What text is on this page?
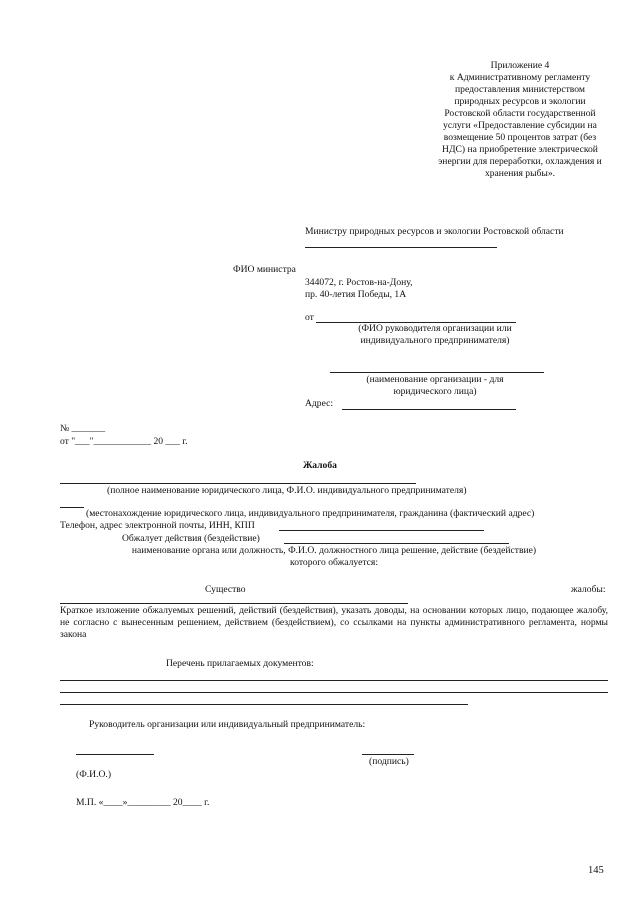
Приложение 4
к Административному регламенту
предоставления министерством
природных ресурсов и экологии
Ростовской области государственной
услуги «Предоставление субсидии на
возмещение 50 процентов затрат (без
НДС) на приобретение электрической
энергии для переработки, охлаждения и
хранения рыбы».
Министру природных ресурсов и экологии Ростовской области
ФИО министра
344072, г. Ростов-на-Дону,
пр. 40-летия Победы, 1А
от
(ФИО руководителя организации или
индивидуального предпринимателя)
(наименование организации - для
юридического лица)
Адрес:
№ _______
от "___"____________ 20 ___ г.
Жалоба
(полное наименование юридического лица, Ф.И.О. индивидуального предпринимателя)
(местонахождение юридического лица, индивидуального предпринимателя, гражданина (фактический адрес)
Телефон, адрес электронной почты, ИНН, КПП
Обжалует действия (бездействие)
наименование органа или должность, Ф.И.О. должностного лица решение, действие (бездействие)
которого обжалуется:
Существо	жалобы:
Краткое изложение обжалуемых решений, действий (бездействия), указать доводы, на основании которых лицо, подающее жалобу, не согласно с вынесенным решением, действием (бездействием), со ссылками на пункты административного регламента, нормы закона
Перечень прилагаемых документов:
Руководитель организации или индивидуальный предприниматель:
(подпись)
(Ф.И.О.)
М.П. «____»_________ 20____ г.
145
